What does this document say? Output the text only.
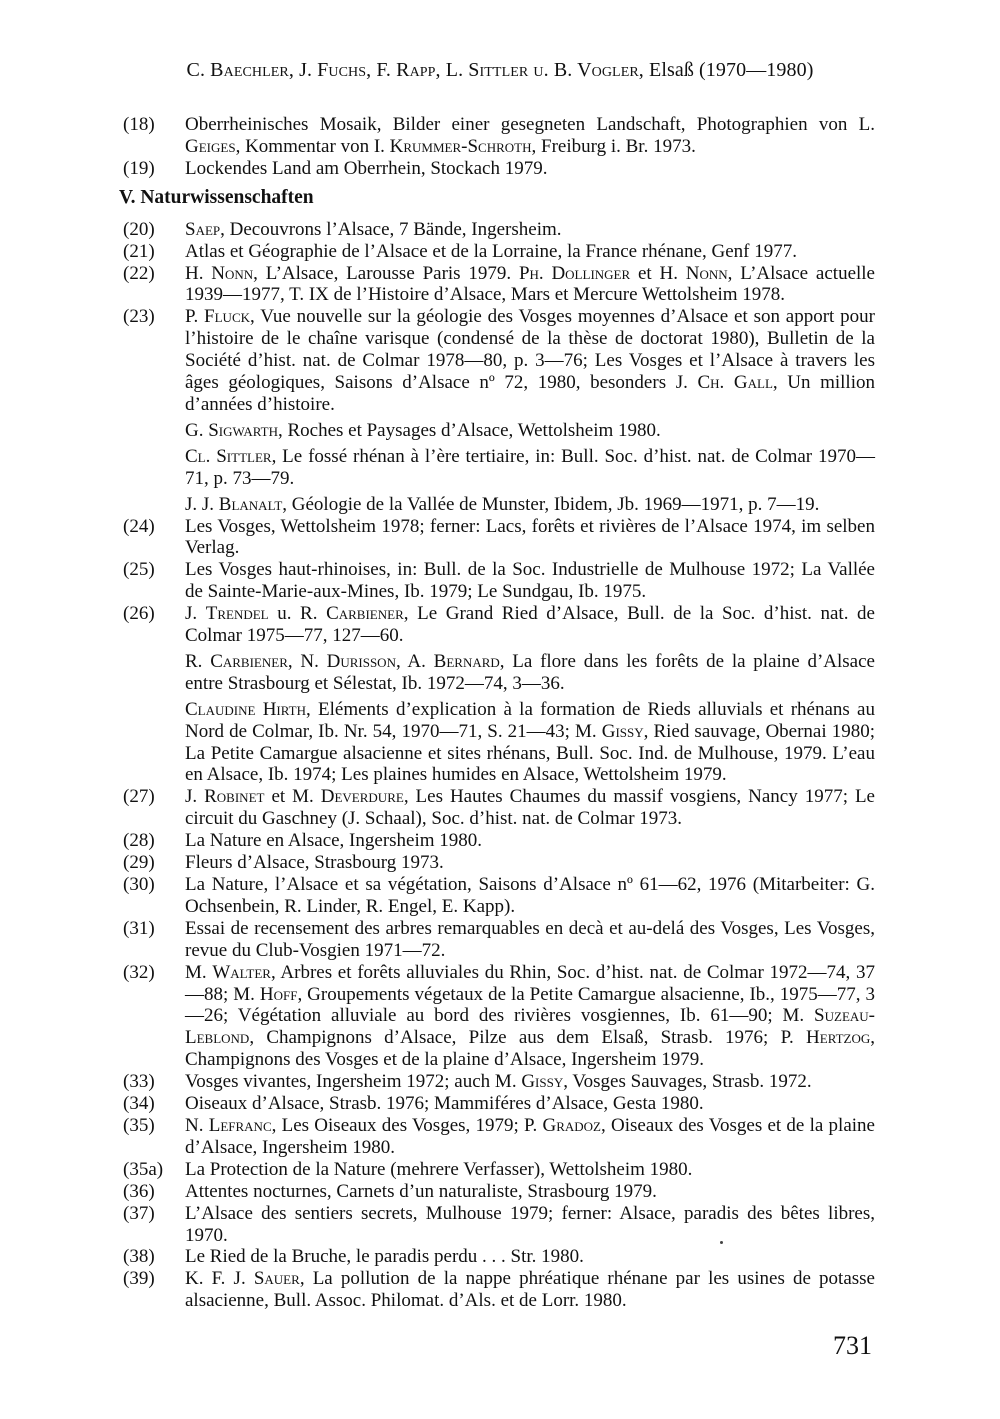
C. Baechler, J. Fuchs, F. Rapp, L. Sittler u. B. Vogler, Elsaß (1970—1980)
(18) Oberrheinisches Mosaik, Bilder einer gesegneten Landschaft, Photographien von L. Geiges, Kommentar von I. Krummer-Schroth, Freiburg i. Br. 1973.
(19) Lockendes Land am Oberrhein, Stockach 1979.
V. Naturwissenschaften
(20) Saep, Decouvrons l’Alsace, 7 Bände, Ingersheim.
(21) Atlas et Géographie de l’Alsace et de la Lorraine, la France rhénane, Genf 1977.
(22) H. Nonn, L’Alsace, Larousse Paris 1979. Ph. Dollinger et H. Nonn, L’Alsace actuelle 1939—1977, T. IX de l’Histoire d’Alsace, Mars et Mercure Wettolsheim 1978.
(23) P. Fluck, Vue nouvelle sur la géologie des Vosges moyennes d’Alsace et son apport pour l’histoire de le chaîne varisque (condensé de la thèse de doctorat 1980), Bulletin de la Société d’hist. nat. de Colmar 1978—80, p. 3—76; Les Vosges et l’Alsace à travers les âges géologiques, Saisons d’Alsace nº 72, 1980, besonders J. Ch. Gall, Un million d’années d’histoire.
G. Sigwarth, Roches et Paysages d’Alsace, Wettolsheim 1980.
Cl. Sittler, Le fossé rhénan à l’ère tertiaire, in: Bull. Soc. d’hist. nat. de Colmar 1970—71, p. 73—79.
J. J. Blanalt, Géologie de la Vallée de Munster, Ibidem, Jb. 1969—1971, p. 7—19.
(24) Les Vosges, Wettolsheim 1978; ferner: Lacs, forêts et rivières de l’Alsace 1974, im selben Verlag.
(25) Les Vosges haut-rhinoises, in: Bull. de la Soc. Industrielle de Mulhouse 1972; La Vallée de Sainte-Marie-aux-Mines, Ib. 1979; Le Sundgau, Ib. 1975.
(26) J. Trendel u. R. Carbiener, Le Grand Ried d’Alsace, Bull. de la Soc. d’hist. nat. de Colmar 1975—77, 127—60.
R. Carbiener, N. Durisson, A. Bernard, La flore dans les forêts de la plaine d’Alsace entre Strasbourg et Sélestat, Ib. 1972—74, 3—36.
Claudine Hirth, Eléments d’explication à la formation de Rieds alluvials et rhénans au Nord de Colmar, Ib. Nr. 54, 1970—71, S. 21—43; M. Gissy, Ried sauvage, Obernai 1980; La Petite Camargue alsacienne et sites rhénans, Bull. Soc. Ind. de Mulhouse, 1979. L’eau en Alsace, Ib. 1974; Les plaines humides en Alsace, Wettolsheim 1979.
(27) J. Robinet et M. Deverdure, Les Hautes Chaumes du massif vosgiens, Nancy 1977; Le circuit du Gaschney (J. Schaal), Soc. d’hist. nat. de Colmar 1973.
(28) La Nature en Alsace, Ingersheim 1980.
(29) Fleurs d’Alsace, Strasbourg 1973.
(30) La Nature, l’Alsace et sa végétation, Saisons d’Alsace nº 61—62, 1976 (Mitarbeiter: G. Ochsenbein, R. Linder, R. Engel, E. Kapp).
(31) Essai de recensement des arbres remarquables en decà et au-delá des Vosges, Les Vosges, revue du Club-Vosgien 1971—72.
(32) M. Walter, Arbres et forêts alluviales du Rhin, Soc. d’hist. nat. de Colmar 1972—74, 37—88; M. Hoff, Groupements végetaux de la Petite Camargue alsacienne, Ib., 1975—77, 3—26; Végétation alluviale au bord des rivières vosgiennes, Ib. 61—90; M. Suzeau-Leblond, Champignons d’Alsace, Pilze aus dem Elsaß, Strasb. 1976; P. Hertzog, Champignons des Vosges et de la plaine d’Alsace, Ingersheim 1979.
(33) Vosges vivantes, Ingersheim 1972; auch M. Gissy, Vosges Sauvages, Strasb. 1972.
(34) Oiseaux d’Alsace, Strasb. 1976; Mammiféres d’Alsace, Gesta 1980.
(35) N. Lefranc, Les Oiseaux des Vosges, 1979; P. Gradoz, Oiseaux des Vosges et de la plaine d’Alsace, Ingersheim 1980.
(35a) La Protection de la Nature (mehrere Verfasser), Wettolsheim 1980.
(36) Attentes nocturnes, Carnets d’un naturaliste, Strasbourg 1979.
(37) L’Alsace des sentiers secrets, Mulhouse 1979; ferner: Alsace, paradis des bêtes libres, 1970.
(38) Le Ried de la Bruche, le paradis perdu . . . Str. 1980.
(39) K. F. J. Sauer, La pollution de la nappe phréatique rhénane par les usines de potasse alsacienne, Bull. Assoc. Philomat. d’Als. et de Lorr. 1980.
731
